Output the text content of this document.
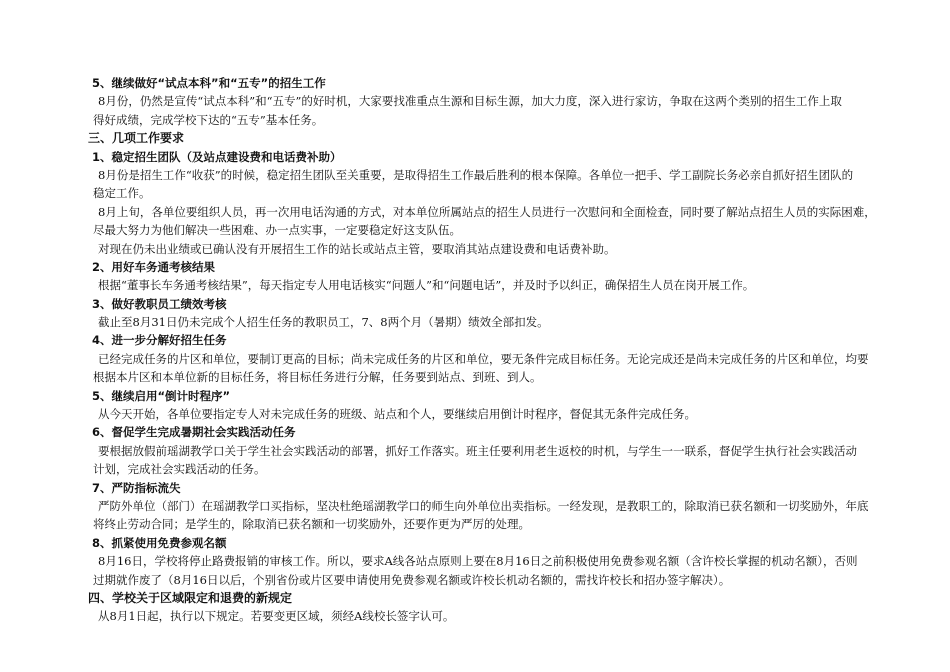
5、继续做好“试点本科”和“五专”的招生工作
8月份，仍然是宣传“试点本科”和“五专”的好时机，大家要找准重点生源和目标生源，加大力度，深入进行家访，争取在这两个类别的招生工作上取
得好成绩，完成学校下达的“五专”基本任务。
三、几项工作要求
1、稳定招生团队（及站点建设费和电话费补助）
8月份是招生工作“收获”的时候，稳定招生团队至关重要，是取得招生工作最后胜利的根本保障。各单位一把手、学工副院长务必亲自抓好招生团队的
稳定工作。
8月上旬，各单位要组织人员，再一次用电话沟通的方式，对本单位所属站点的招生人员进行一次慰问和全面检查，同时要了解站点招生人员的实际困难，
尽最大努力为他们解决一些困难、办一点实事，一定要稳定好这支队伍。
对现在仍未出业绩或已确认没有开展招生工作的站长或站点主管，要取消其站点建设费和电话费补助。
2、用好车务通考核结果
根据“董事长车务通考核结果”，每天指定专人用电话核实“问题人”和“问题电话”，并及时予以纠正，确保招生人员在岗开展工作。
3、做好教职员工绩效考核
截止至8月31日仍未完成个人招生任务的教职员工，7、8两个月（暑期）绩效全部扣发。
4、进一步分解好招生任务
已经完成任务的片区和单位，要制订更高的目标；尚未完成任务的片区和单位，要无条件完成目标任务。无论完成还是尚未完成任务的片区和单位，均要
根据本片区和本单位新的目标任务，将目标任务进行分解，任务要到站点、到班、到人。
5、继续启用“倒计时程序”
从今天开始，各单位要指定专人对未完成任务的班级、站点和个人，要继续启用倒计时程序，督促其无条件完成任务。
6、督促学生完成暑期社会实践活动任务
要根据放假前瑶湖教学口关于学生社会实践活动的部署，抓好工作落实。班主任要利用老生返校的时机，与学生一一联系，督促学生执行社会实践活动
计划，完成社会实践活动的任务。
7、严防指标流失
严防外单位（部门）在瑶湖教学口买指标，坚决杜绝瑶湖教学口的师生向外单位出卖指标。一经发现，是教职工的，除取消已获名额和一切奖励外，年底
将终止劳动合同；是学生的，除取消已获名额和一切奖励外，还要作更为严厉的处理。
8、抓紧使用免费参观名额
8月16日，学校将停止路费报销的审核工作。所以，要求A线各站点原则上要在8月16日之前积极使用免费参观名额（含许校长掌握的机动名额），否则
过期就作废了（8月16日以后，个别省份或片区要申请使用免费参观名额或许校长机动名额的，需找许校长和招办签字解决）。
四、学校关于区域限定和退费的新规定
从8月1日起，执行以下规定。若要变更区域，须经A线校长签字认可。
